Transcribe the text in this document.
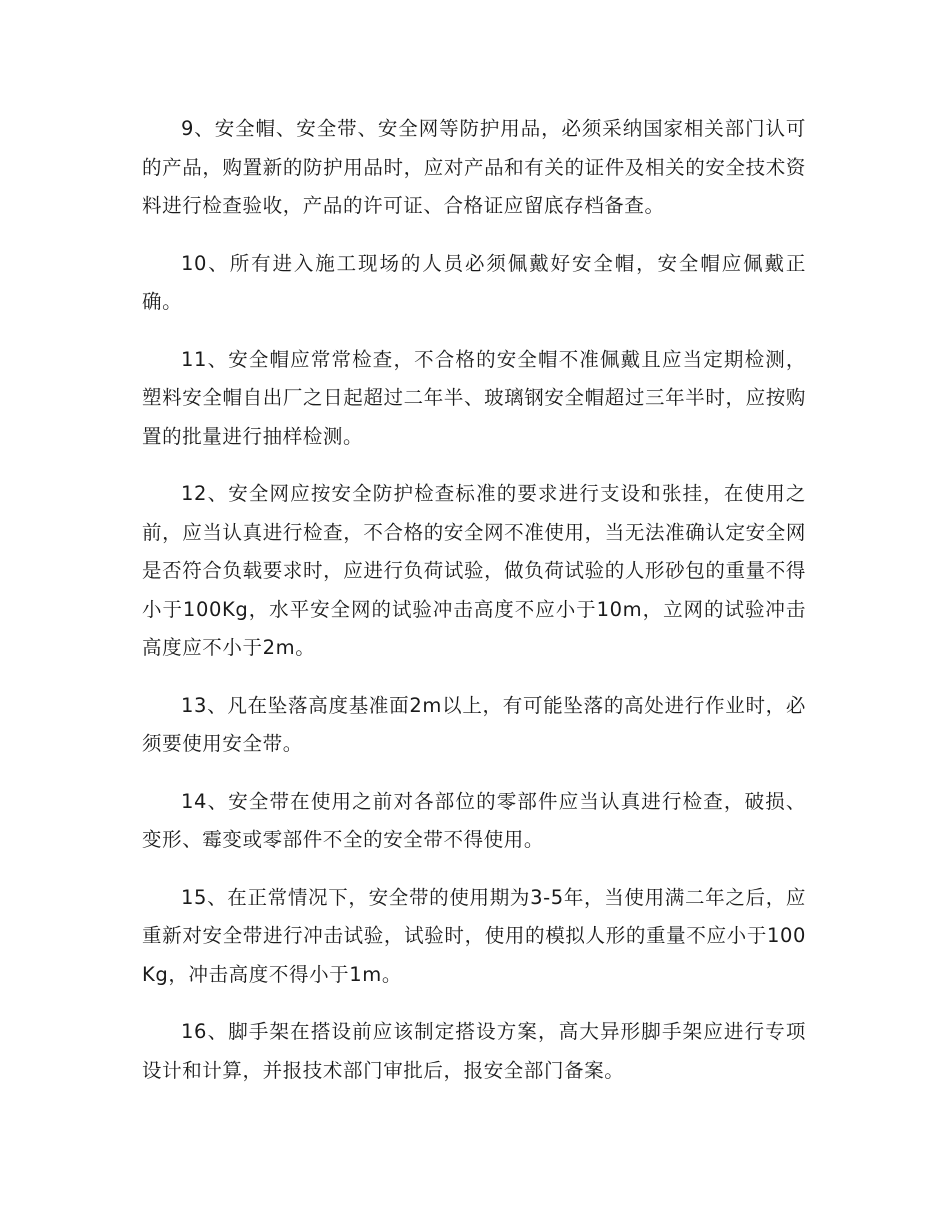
9、安全帽、安全带、安全网等防护用品，必须采纳国家相关部门认可的产品，购置新的防护用品时，应对产品和有关的证件及相关的安全技术资料进行检查验收，产品的许可证、合格证应留底存档备查。

10、所有进入施工现场的人员必须佩戴好安全帽，安全帽应佩戴正确。

11、安全帽应常常检查，不合格的安全帽不准佩戴且应当定期检测，塑料安全帽自出厂之日起超过二年半、玻璃钢安全帽超过三年半时，应按购置的批量进行抽样检测。

12、安全网应按安全防护检查标准的要求进行支设和张挂，在使用之前，应当认真进行检查，不合格的安全网不准使用，当无法准确认定安全网是否符合负载要求时，应进行负荷试验，做负荷试验的人形砂包的重量不得小于100Kg，水平安全网的试验冲击高度不应小于10m，立网的试验冲击高度应不小于2m。

13、凡在坠落高度基准面2m以上，有可能坠落的高处进行作业时，必须要使用安全带。

14、安全带在使用之前对各部位的零部件应当认真进行检查，破损、变形、霉变或零部件不全的安全带不得使用。

15、在正常情况下，安全带的使用期为3-5年，当使用满二年之后，应重新对安全带进行冲击试验，试验时，使用的模拟人形的重量不应小于100Kg，冲击高度不得小于1m。

16、脚手架在搭设前应该制定搭设方案，高大异形脚手架应进行专项设计和计算，并报技术部门审批后，报安全部门备案。
